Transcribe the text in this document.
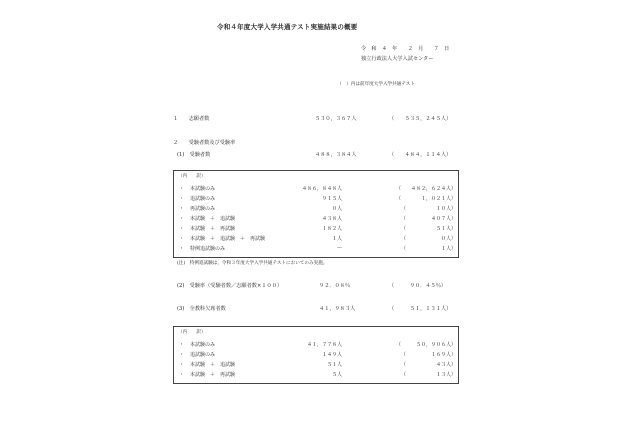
令和４年度大学入学共通テスト実施結果の概要
令　和　４　年　　２　月　　７　日
独立行政法人大学入試センター
（　）内は前年度大学入学共通テスト
１　　志願者数	５３０，３６７人	（　　５３５，２４５人）
２　　受験者数及び受験率
(1)　受験者数	４８８，３８４人	（　　４８４，１１４人）
（内　　訳）
・ 本試験のみ	４８６，８４８人	（　　４８２，６２４人）
・ 追試験のみ	９１５人	（　　　　１，０２１人）
・ 再試験のみ	０人	（　　　　　　１０人）
・ 本試験　＋　追試験	４３８人	（　　　　　４０７人）
・ 本試験　＋　再試験	１８２人	（　　　　　　５１人）
・ 本試験　＋　追試験　＋　再試験	１人	（　　　　　　　０人）
・ 特例追試験のみ	—	（　　　　　　　１人）
(注)　特例追試験は，令和３年度大学入学共通テストにおいてのみ実施。
(2)　受験率（受験者数／志願者数×１００）	９２．０８％	（　　　９０．４５％）
(3)　全教科欠席者数	４１，９８３人	（　　　５１，１３１人）
（内　　訳）
・ 本試験のみ	４１，７７８人	（　　　５０，９０６人）
・ 追試験のみ	１４９人	（　　　　　１６９人）
・ 本試験　＋　追試験	５１人	（　　　　　　４３人）
・ 本試験　＋　再試験	５人	（　　　　　　１３人）
